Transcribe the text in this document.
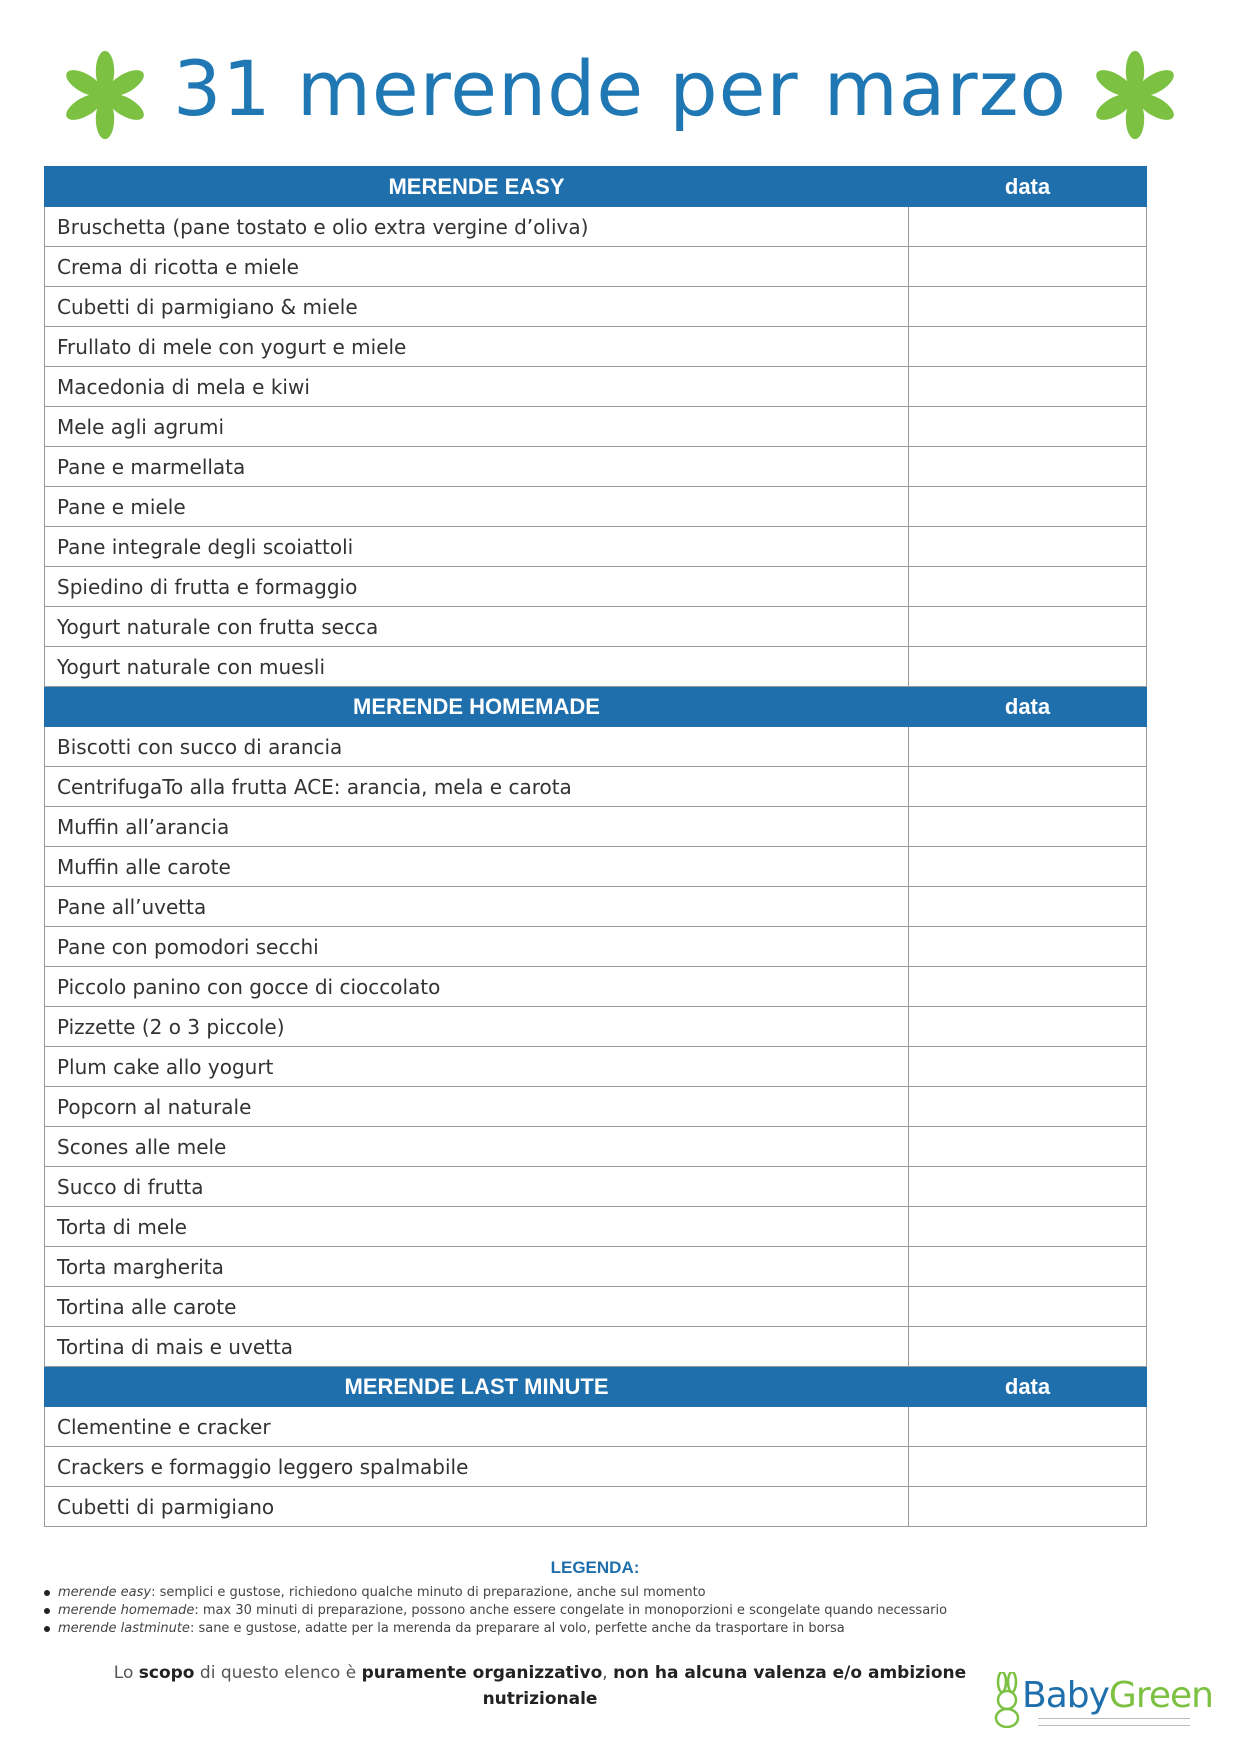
31 merende per marzo
MERENDE EASY	data
Bruschetta (pane tostato e olio extra vergine d’oliva)	
Crema di ricotta e miele	
Cubetti di parmigiano & miele	
Frullato di mele con yogurt e miele	
Macedonia di mela e kiwi	
Mele agli agrumi	
Pane e marmellata	
Pane e miele	
Pane integrale degli scoiattoli	
Spiedino di frutta e formaggio	
Yogurt naturale con frutta secca	
Yogurt naturale con muesli	
MERENDE HOMEMADE	data
Biscotti con succo di arancia	
CentrifugaTo alla frutta ACE: arancia, mela e carota	
Muffin all’arancia	
Muffin alle carote	
Pane all’uvetta	
Pane con pomodori secchi	
Piccolo panino con gocce di cioccolato	
Pizzette (2 o 3 piccole)	
Plum cake allo yogurt	
Popcorn al naturale	
Scones alle mele	
Succo di frutta	
Torta di mele	
Torta margherita	
Tortina alle carote	
Tortina di mais e uvetta	
MERENDE LAST MINUTE	data
Clementine e cracker	
Crackers e formaggio leggero spalmabile	
Cubetti di parmigiano	
LEGENDA:
merende easy: semplici e gustose, richiedono qualche minuto di preparazione, anche sul momento
merende homemade: max 30 minuti di preparazione, possono anche essere congelate in monoporzioni e scongelate quando necessario
merende lastminute: sane e gustose, adatte per la merenda da preparare al volo, perfette anche da trasportare in borsa
Lo scopo di questo elenco è puramente organizzativo, non ha alcuna valenza e/o ambizione nutrizionale	BabyGreen
